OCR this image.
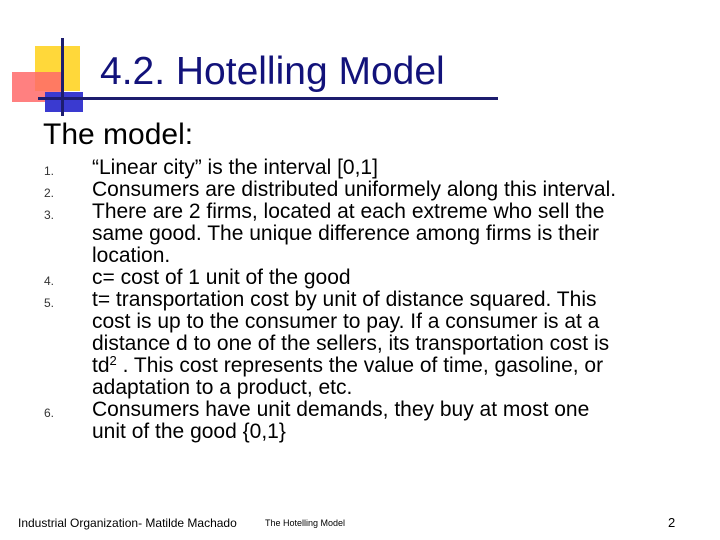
4.2. Hotelling Model
The model:
1. “Linear city” is the interval [0,1]
2. Consumers are distributed uniformely along this interval.
3. There are 2 firms, located at each extreme who sell the
same good. The unique difference among firms is their
location.
4. c= cost of 1 unit of the good
5. t= transportation cost by unit of distance squared. This
cost is up to the consumer to pay. If a consumer is at a
distance d to one of the sellers, its transportation cost is
$td^2$ . This cost represents the value of time, gasoline, or
adaptation to a product, etc.
6. Consumers have unit demands, they buy at most one
unit of the good {0,1}
Industrial Organization- Matilde Machado	The Hotelling Model	2
